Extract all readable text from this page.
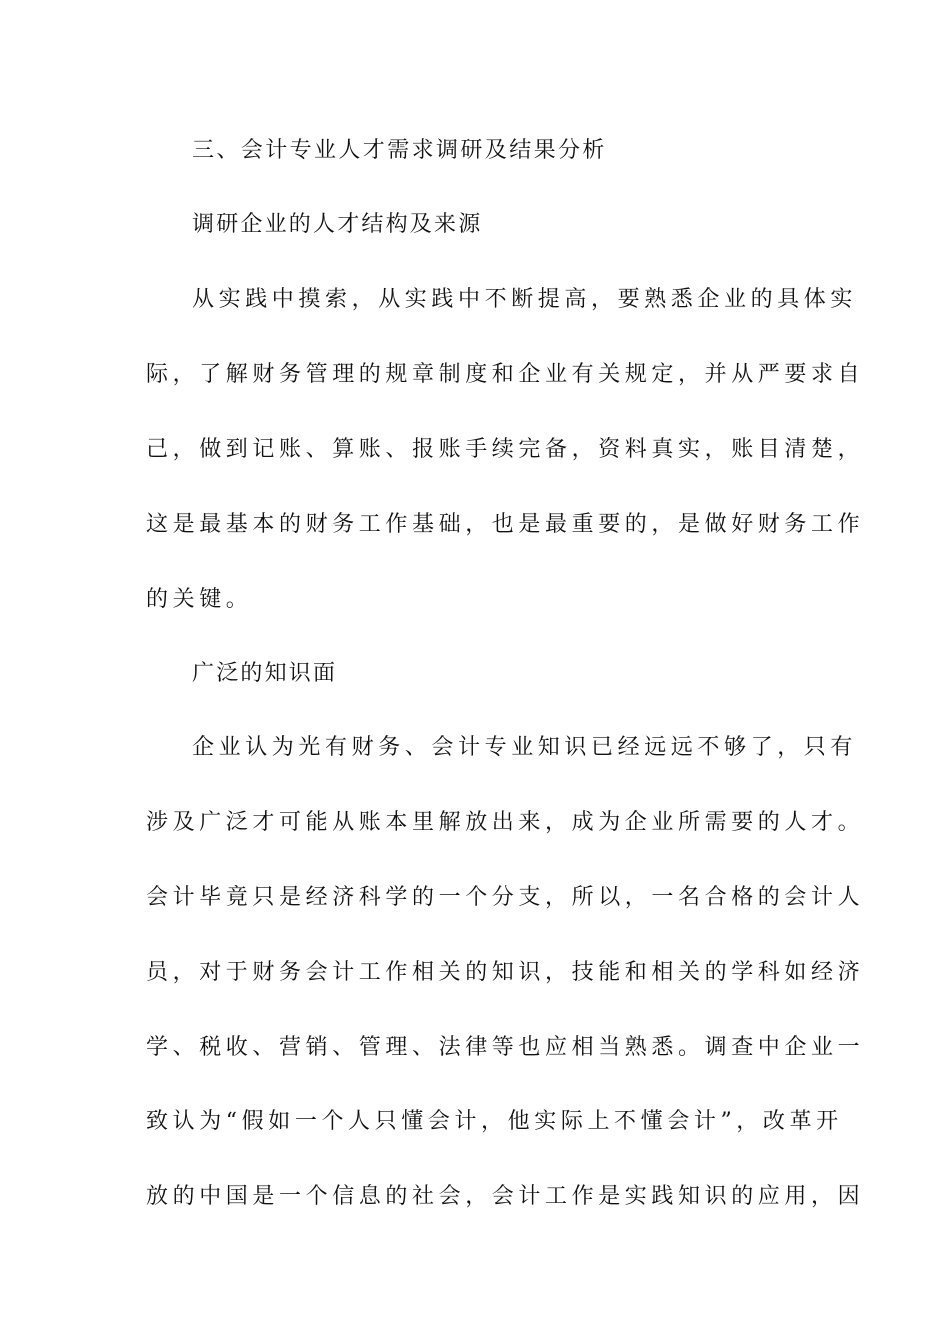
三、会计专业人才需求调研及结果分析

调研企业的人才结构及来源

从实践中摸索，从实践中不断提高，要熟悉企业的具体实

际，了解财务管理的规章制度和企业有关规定，并从严要求自

己，做到记账、算账、报账手续完备，资料真实，账目清楚，

这是最基本的财务工作基础，也是最重要的，是做好财务工作

的关键。

广泛的知识面

企业认为光有财务、会计专业知识已经远远不够了，只有

涉及广泛才可能从账本里解放出来，成为企业所需要的人才。

会计毕竟只是经济科学的一个分支，所以，一名合格的会计人

员，对于财务会计工作相关的知识，技能和相关的学科如经济

学、税收、营销、管理、法律等也应相当熟悉。调查中企业一

致认为“假如一个人只懂会计，他实际上不懂会计”，改革开

放的中国是一个信息的社会，会计工作是实践知识的应用，因
